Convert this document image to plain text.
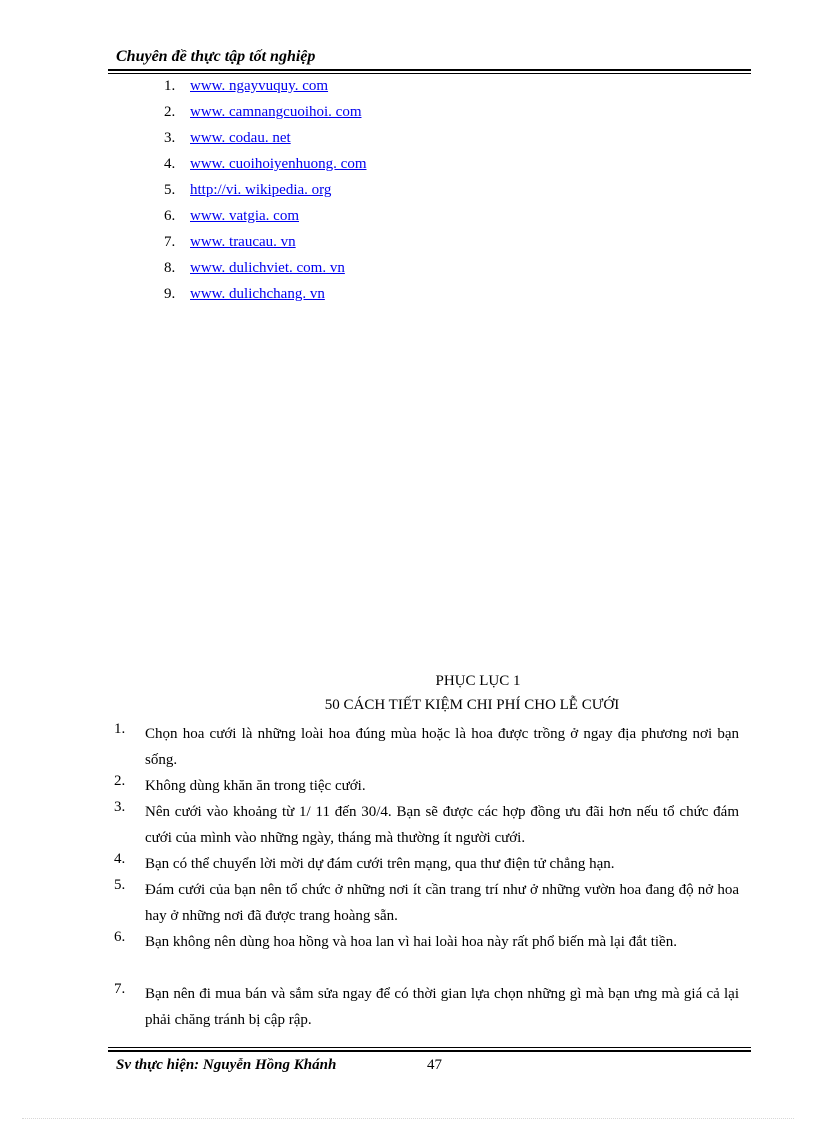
Chuyên đề thực tập tốt nghiệp
1. www. ngayvuquy. com
2. www. camnangcuoihoi. com
3. www. codau. net
4. www. cuoihoiyenhuong. com
5. http://vi. wikipedia. org
6. www. vatgia. com
7. www. traucau. vn
8. www. dulichviet. com. vn
9. www. dulichchang. vn
PHỤC LỤC 1
50 CÁCH TIẾT KIỆM CHI PHÍ CHO LỄ CƯỚI
1. Chọn hoa cưới là những loài hoa đúng mùa hoặc là hoa được trồng ở ngay địa phương nơi bạn sống.
2. Không dùng khăn ăn trong tiệc cưới.
3. Nên cưới vào khoảng từ 1/ 11 đến 30/4. Bạn sẽ được các hợp đồng ưu đãi hơn nếu tổ chức đám cưới của mình vào những ngày, tháng mà thường ít người cưới.
4. Bạn có thể chuyển lời mời dự đám cưới trên mạng, qua thư điện tử chẳng hạn.
5. Đám cưới của bạn nên tổ chức ở những nơi ít cần trang trí như ở những vườn hoa đang độ nở hoa hay ở những nơi đã được trang hoàng sẵn.
6. Bạn không nên dùng hoa hồng và hoa lan vì hai loài hoa này rất phổ biến mà lại đắt tiền.
7. Bạn nên đi mua bán và sắm sửa ngay để có thời gian lựa chọn những gì mà bạn ưng mà giá cả lại phải chăng tránh bị cập rập.
Sv thực hiện: Nguyễn Hồng Khánh	47
